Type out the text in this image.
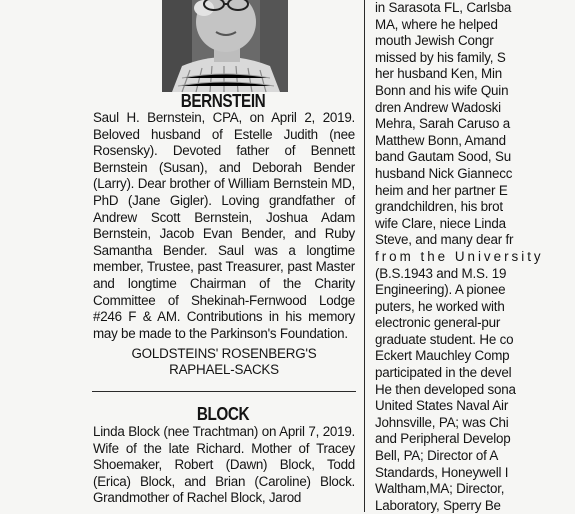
BERNSTEIN
Saul H. Bernstein, CPA, on April 2, 2019. Beloved husband of Estelle Judith (nee Rosensky). Devoted father of Bennett Bernstein (Susan), and Deborah Bender (Larry). Dear brother of William Bernstein MD, PhD (Jane Gigler). Loving grandfather of Andrew Scott Bernstein, Joshua Adam Bernstein, Jacob Evan Bender, and Ruby Samantha Bender. Saul was a longtime member, Trustee, past Treasurer, past Master and longtime Chairman of the Charity Committee of Shekinah-Fernwood Lodge #246 F & AM. Contributions in his memory may be made to the Parkinson's Foundation.
GOLDSTEINS' ROSENBERG'S
RAPHAEL-SACKS
BLOCK
Linda Block (nee Trachtman) on April 7, 2019. Wife of the late Richard. Mother of Tracey Shoemaker, Robert (Dawn) Block, Todd (Erica) Block, and Brian (Caroline) Block. Grandmother of Rachel Block, Jarod
in Sarasota FL, Carlsba
MA, where he helped
mouth Jewish Congr
missed by his family, S
her husband Ken, Min
Bonn and his wife Quin
dren Andrew Wadoski
Mehra, Sarah Caruso a
Matthew Bonn, Amand
band Gautam Sood, Su
husband Nick Giannecc
heim and her partner E
grandchildren, his brot
wife Clare, niece Linda
Steve, and many dear fr
from the University
(B.S.1943 and M.S. 19
Engineering). A pionee
puters, he worked with
electronic general-pur
graduate student. He co
Eckert Mauchley Comp
participated in the devel
He then developed sona
United States Naval Air
Johnsville, PA; was Chi
and Peripheral Develop
Bell, PA; Director of A
Standards, Honeywell I
Waltham,MA; Director,
Laboratory, Sperry Be
